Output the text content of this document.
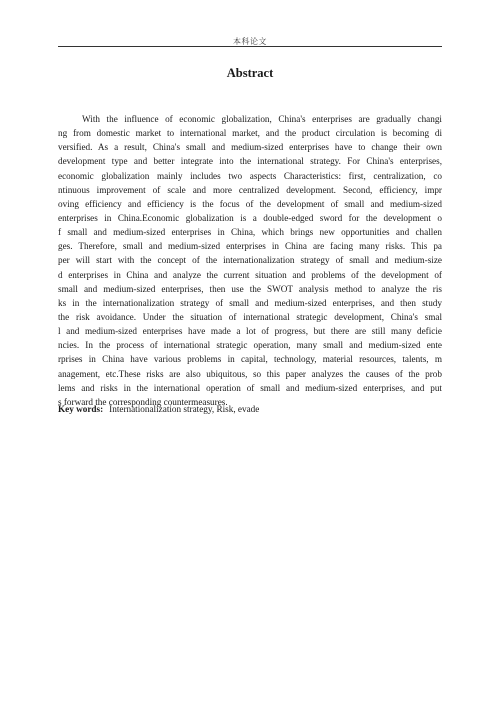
本科论文
Abstract
With the influence of economic globalization, China's enterprises are gradually changi
ng from domestic market to international market, and the product circulation is becoming di
versified. As a result, China's small and medium-sized enterprises have to change their own
development type and better integrate into the international strategy. For China's enterprises,
economic globalization mainly includes two aspects Characteristics: first, centralization, co
ntinuous improvement of scale and more centralized development. Second, efficiency, impr
oving efficiency and efficiency is the focus of the development of small and medium-sized
enterprises in China.Economic globalization is a double-edged sword for the development o
f small and medium-sized enterprises in China, which brings new opportunities and challen
ges. Therefore, small and medium-sized enterprises in China are facing many risks. This pa
per will start with the concept of the internationalization strategy of small and medium-size
d enterprises in China and analyze the current situation and problems of the development of
small and medium-sized enterprises, then use the SWOT analysis method to analyze the ris
ks in the internationalization strategy of small and medium-sized enterprises, and then study
the risk avoidance. Under the situation of international strategic development, China's smal
l and medium-sized enterprises have made a lot of progress, but there are still many deficie
ncies. In the process of international strategic operation, many small and medium-sized ente
rprises in China have various problems in capital, technology, material resources, talents, m
anagement, etc.These risks are also ubiquitous, so this paper analyzes the causes of the prob
lems and risks in the international operation of small and medium-sized enterprises, and put
s forward the corresponding countermeasures.
Key words: Internationalization strategy, Risk, evade
